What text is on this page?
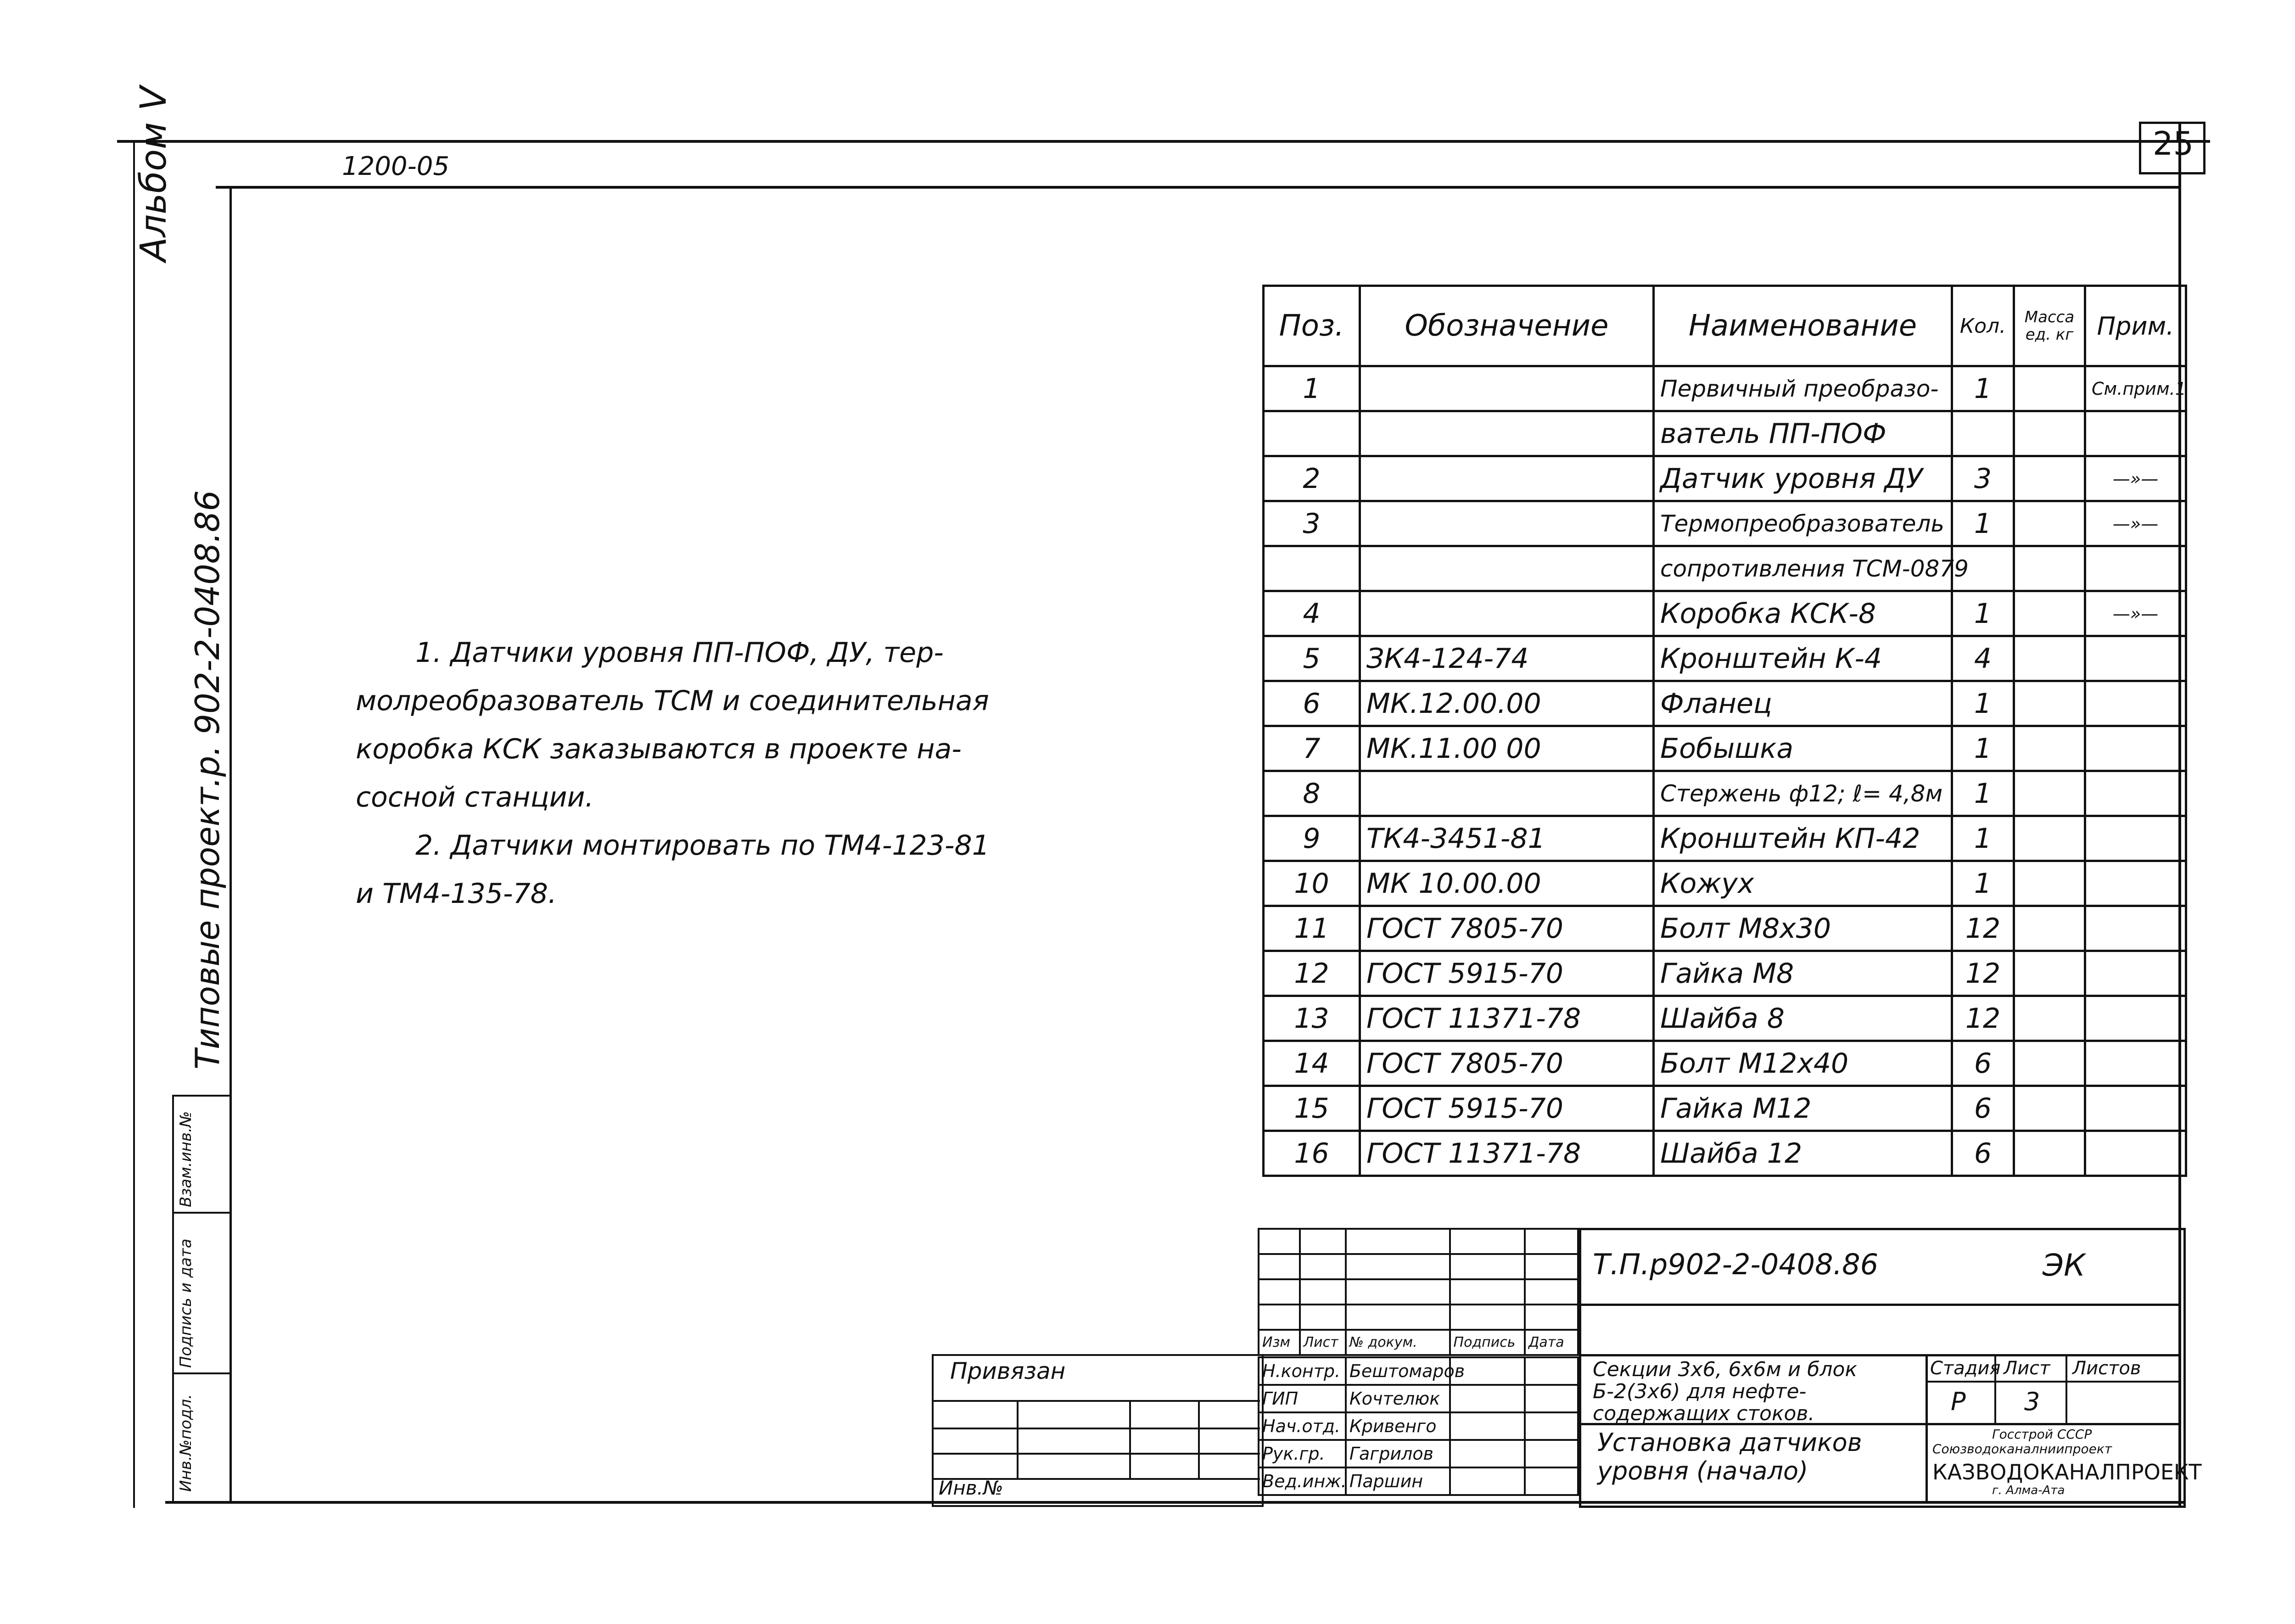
25
1200-05
Альбом V
Типовые проект.р. 902-2-0408.86
Инв.№подл.
Подпись и дата
Взам.инв.№
1. Датчики уровня ПП-ПОФ, ДУ, тер-
молреобразователь ТСМ и соединительная
коробка КСК заказываются в проекте на-
сосной станции.
2. Датчики монтировать по ТМ4-123-81
и ТМ4-135-78.
Поз.	Обозначение	Наименование	Кол.	Масса ед. кг	Прим.
1		Первичный преобразо-	1		См.прим.1
		ватель ПП-ПОФ			
2		Датчик уровня ДУ	3		—»—
3		Термопреобразователь	1		—»—
		сопротивления ТСМ-0879			
4		Коробка КСК-8	1		—»—
5	ЗК4-124-74	Кронштейн К-4	4		
6	МК.12.00.00	Фланец	1		
7	МК.11.00 00	Бобышка	1		
8		Стержень ф12; ℓ= 4,8м	1		
9	ТК4-3451-81	Кронштейн КП-42	1		
10	МК 10.00.00	Кожух	1		
11	ГОСТ 7805-70	Болт М8х30	12		
12	ГОСТ 5915-70	Гайка М8	12		
13	ГОСТ 11371-78	Шайба 8	12		
14	ГОСТ 7805-70	Болт М12х40	6		
15	ГОСТ 5915-70	Гайка М12	6		
16	ГОСТ 11371-78	Шайба 12	6		

Изм	Лист	№ докум.	Подпись	Дата
Н.контр.	Бештомаров		
ГИП	Кочтелюк		
Нач.отд.	Кривенго		
Рук.гр.	Гагрилов		
Вед.инж.	Паршин		
Привязан
Инв.№
Т.П.р902-2-0408.86	ЭК
Секции 3х6, 6х6м и блок Б-2(3х6) для нефте-содержащих стоков.
Установка датчиков уровня (начало)
Стадия Лист Листов
Р 3
Госстрой СССР
Союзводоканалниипроект
КАЗВОДОКАНАЛПРОЕКТ
г. Алма-Ата
